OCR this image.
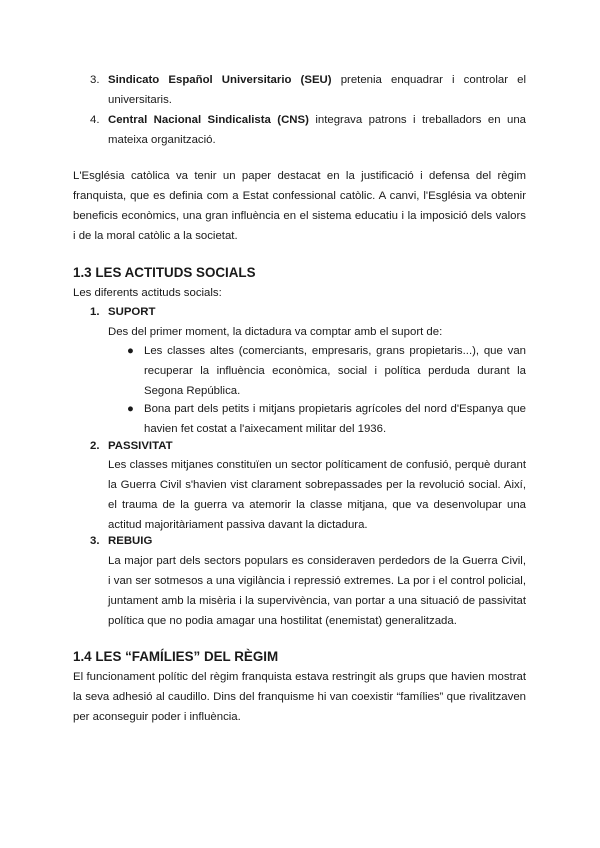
3. Sindicato Español Universitario (SEU) pretenia enquadrar i controlar el universitaris.
4. Central Nacional Sindicalista (CNS) integrava patrons i treballadors en una mateixa organització.
L'Església catòlica va tenir un paper destacat en la justificació i defensa del règim franquista, que es definia com a Estat confessional catòlic. A canvi, l'Església va obtenir beneficis econòmics, una gran influència en el sistema educatiu i la imposició dels valors i de la moral catòlic a la societat.
1.3 LES ACTITUDS SOCIALS
Les diferents actituds socials:
1. SUPORT
Des del primer moment, la dictadura va comptar amb el suport de:
● Les classes altes (comerciants, empresaris, grans propietaris...), que van recuperar la influència econòmica, social i política perduda durant la Segona República.
● Bona part dels petits i mitjans propietaris agrícoles del nord d'Espanya que havien fet costat a l'aixecament militar del 1936.
2. PASSIVITAT
Les classes mitjanes constituïen un sector políticament de confusió, perquè durant la Guerra Civil s'havien vist clarament sobrepassades per la revolució social. Així, el trauma de la guerra va atemorir la classe mitjana, que va desenvolupar una actitud majoritàriament passiva davant la dictadura.
3. REBUIG
La major part dels sectors populars es consideraven perdedors de la Guerra Civil, i van ser sotmesos a una vigilància i repressió extremes. La por i el control policial, juntament amb la misèria i la supervivència, van portar a una situació de passivitat política que no podia amagar una hostilitat (enemistat) generalitzada.
1.4 LES “FAMÍLIES” DEL RÈGIM
El funcionament polític del règim franquista estava restringit als grups que havien mostrat la seva adhesió al caudillo. Dins del franquisme hi van coexistir “famílies” que rivalitzaven per aconseguir poder i influència.
